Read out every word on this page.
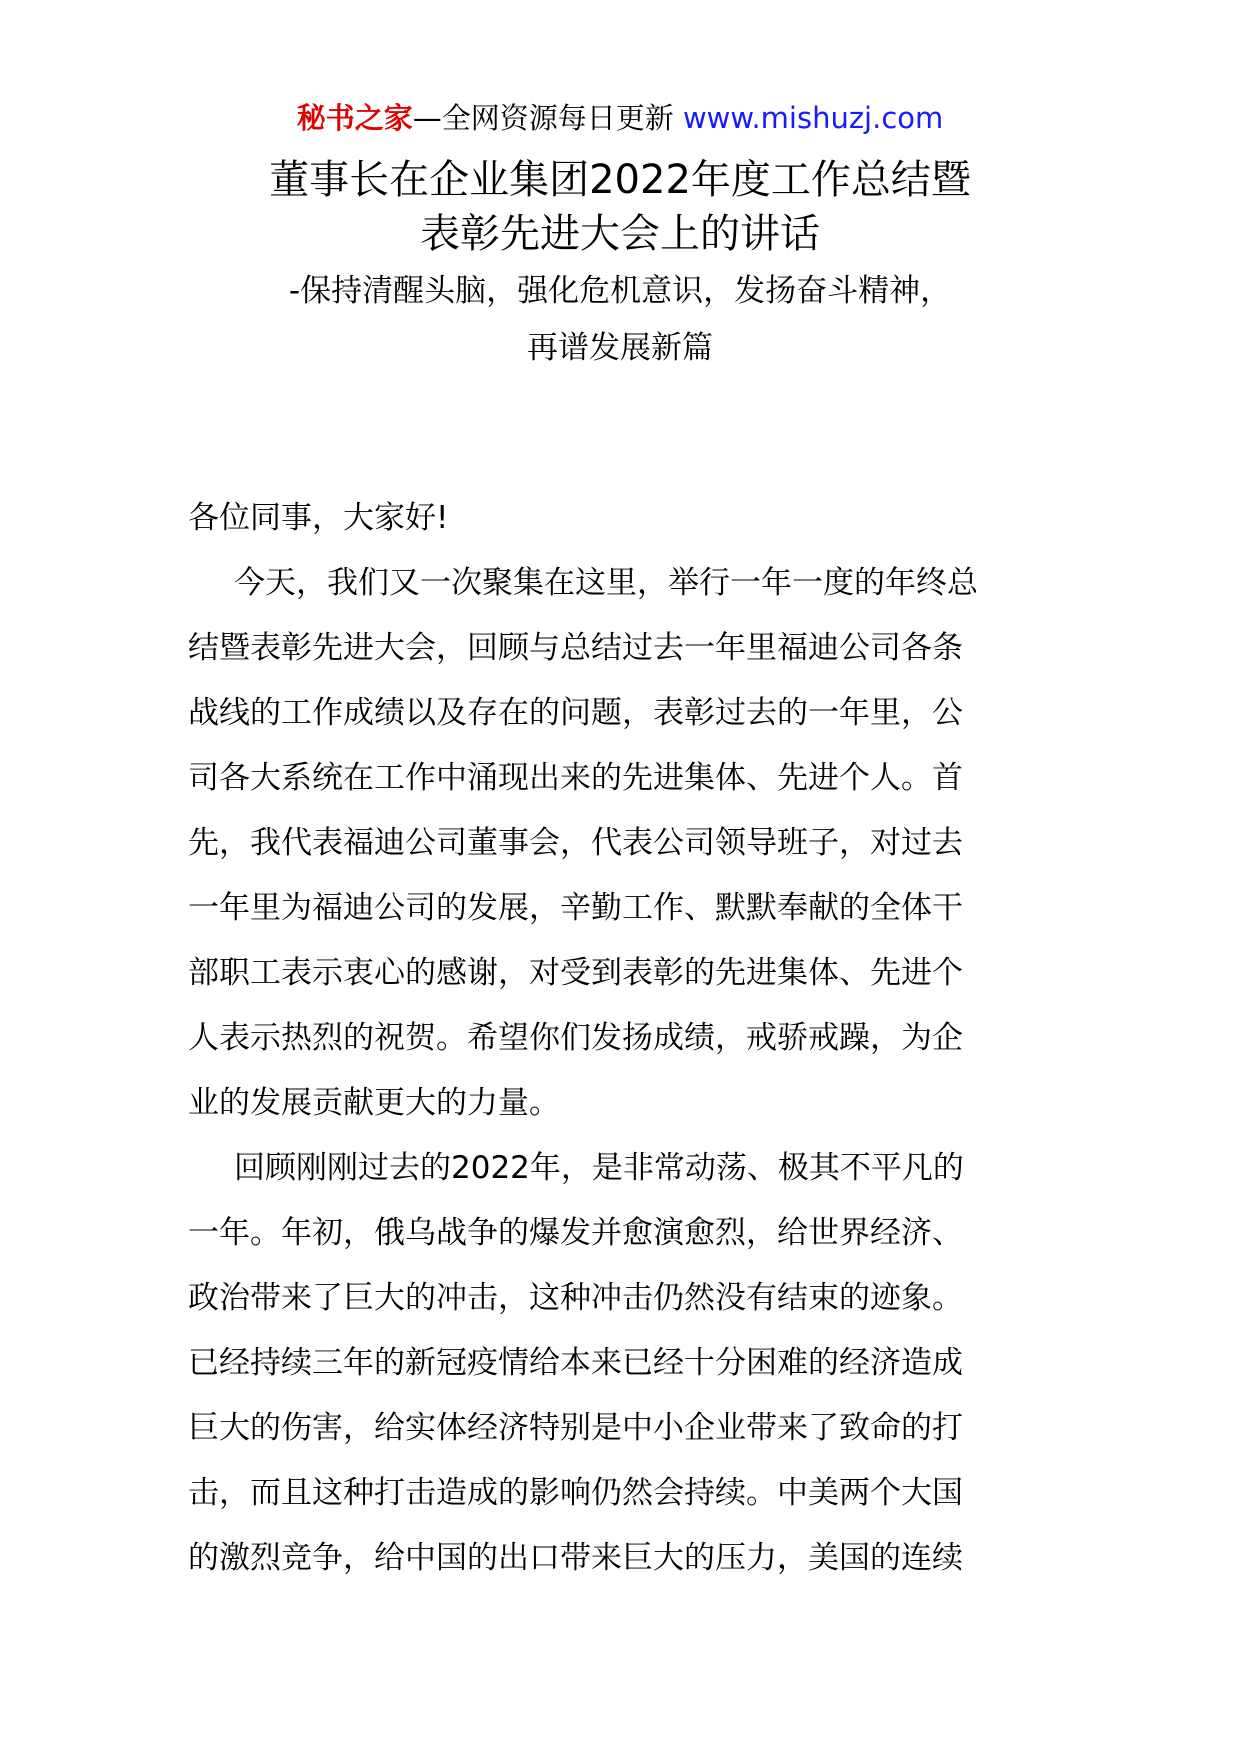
秘书之家—全网资源每日更新 www.mishuzj.com
董事长在企业集团2022年度工作总结暨
表彰先进大会上的讲话
-保持清醒头脑，强化危机意识，发扬奋斗精神，
再谱发展新篇
各位同事，大家好!
今天，我们又一次聚集在这里，举行一年一度的年终总
结暨表彰先进大会，回顾与总结过去一年里福迪公司各条
战线的工作成绩以及存在的问题，表彰过去的一年里，公
司各大系统在工作中涌现出来的先进集体、先进个人。首
先，我代表福迪公司董事会，代表公司领导班子，对过去
一年里为福迪公司的发展，辛勤工作、默默奉献的全体干
部职工表示衷心的感谢，对受到表彰的先进集体、先进个
人表示热烈的祝贺。希望你们发扬成绩，戒骄戒躁，为企
业的发展贡献更大的力量。
回顾刚刚过去的2022年，是非常动荡、极其不平凡的
一年。年初，俄乌战争的爆发并愈演愈烈，给世界经济、
政治带来了巨大的冲击，这种冲击仍然没有结束的迹象。
已经持续三年的新冠疫情给本来已经十分困难的经济造成
巨大的伤害，给实体经济特别是中小企业带来了致命的打
击，而且这种打击造成的影响仍然会持续。中美两个大国
的激烈竞争，给中国的出口带来巨大的压力，美国的连续
